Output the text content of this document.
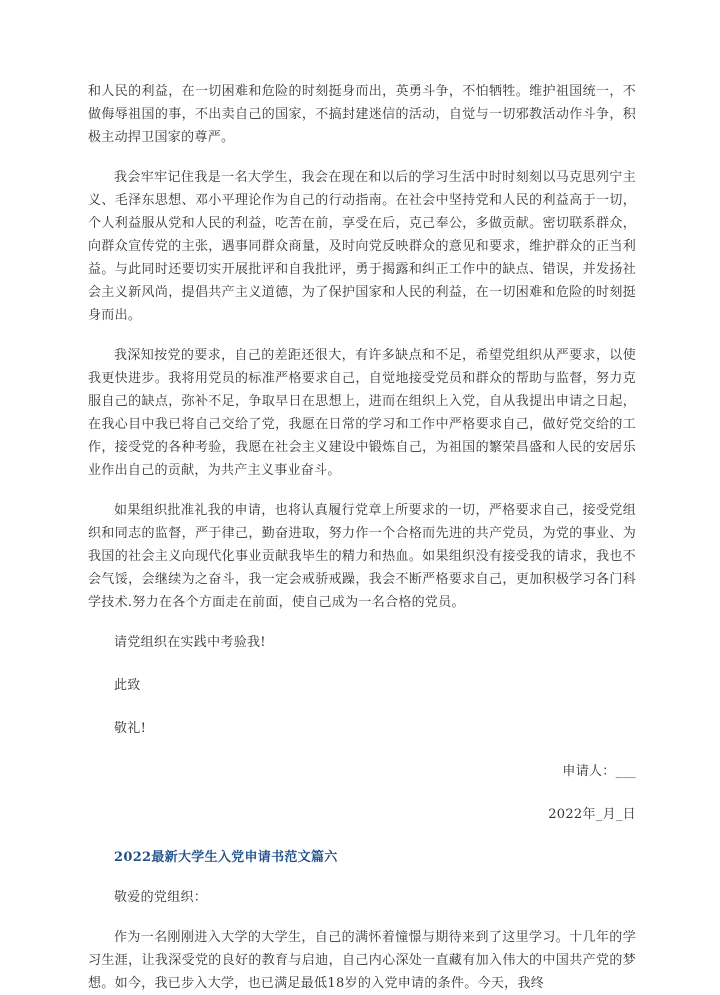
和人民的利益，在一切困难和危险的时刻挺身而出，英勇斗争，不怕牺牲。维护祖国统一，不做侮辱祖国的事，不出卖自己的国家，不搞封建迷信的活动，自觉与一切邪教活动作斗争，积极主动捍卫国家的尊严。

我会牢牢记住我是一名大学生，我会在现在和以后的学习生活中时时刻刻以马克思列宁主义、毛泽东思想、邓小平理论作为自己的行动指南。在社会中坚持党和人民的利益高于一切，个人利益服从党和人民的利益，吃苦在前，享受在后，克己奉公，多做贡献。密切联系群众，向群众宣传党的主张，遇事同群众商量，及时向党反映群众的意见和要求，维护群众的正当利益。与此同时还要切实开展批评和自我批评，勇于揭露和纠正工作中的缺点、错误，并发扬社会主义新风尚，提倡共产主义道德，为了保护国家和人民的利益，在一切困难和危险的时刻挺身而出。

我深知按党的要求，自己的差距还很大，有许多缺点和不足，希望党组织从严要求，以使我更快进步。我将用党员的标准严格要求自己，自觉地接受党员和群众的帮助与监督，努力克服自己的缺点，弥补不足，争取早日在思想上，进而在组织上入党，自从我提出申请之日起，在我心目中我已将自己交给了党，我愿在日常的学习和工作中严格要求自己，做好党交给的工作，接受党的各种考验，我愿在社会主义建设中锻炼自己，为祖国的繁荣昌盛和人民的安居乐业作出自己的贡献，为共产主义事业奋斗。

如果组织批准礼我的申请，也将认真履行党章上所要求的一切，严格要求自己，接受党组织和同志的监督，严于律己，勤奋进取，努力作一个合格而先进的共产党员，为党的事业、为我国的社会主义向现代化事业贡献我毕生的精力和热血。如果组织没有接受我的请求，我也不会气馁，会继续为之奋斗，我一定会戒骄戒躁，我会不断严格要求自己，更加积极学习各门科学技术.努力在各个方面走在前面，使自己成为一名合格的党员。

请党组织在实践中考验我!

此致

敬礼!

申请人：___

2022年_月_日

2022最新大学生入党申请书范文篇六

敬爱的党组织：

作为一名刚刚进入大学的大学生，自己的满怀着憧憬与期待来到了这里学习。十几年的学习生涯，让我深受党的良好的教育与启迪，自己内心深处一直藏有加入伟大的中国共产党的梦想。如今，我已步入大学，也已满足最低18岁的入党申请的条件。今天，我终
